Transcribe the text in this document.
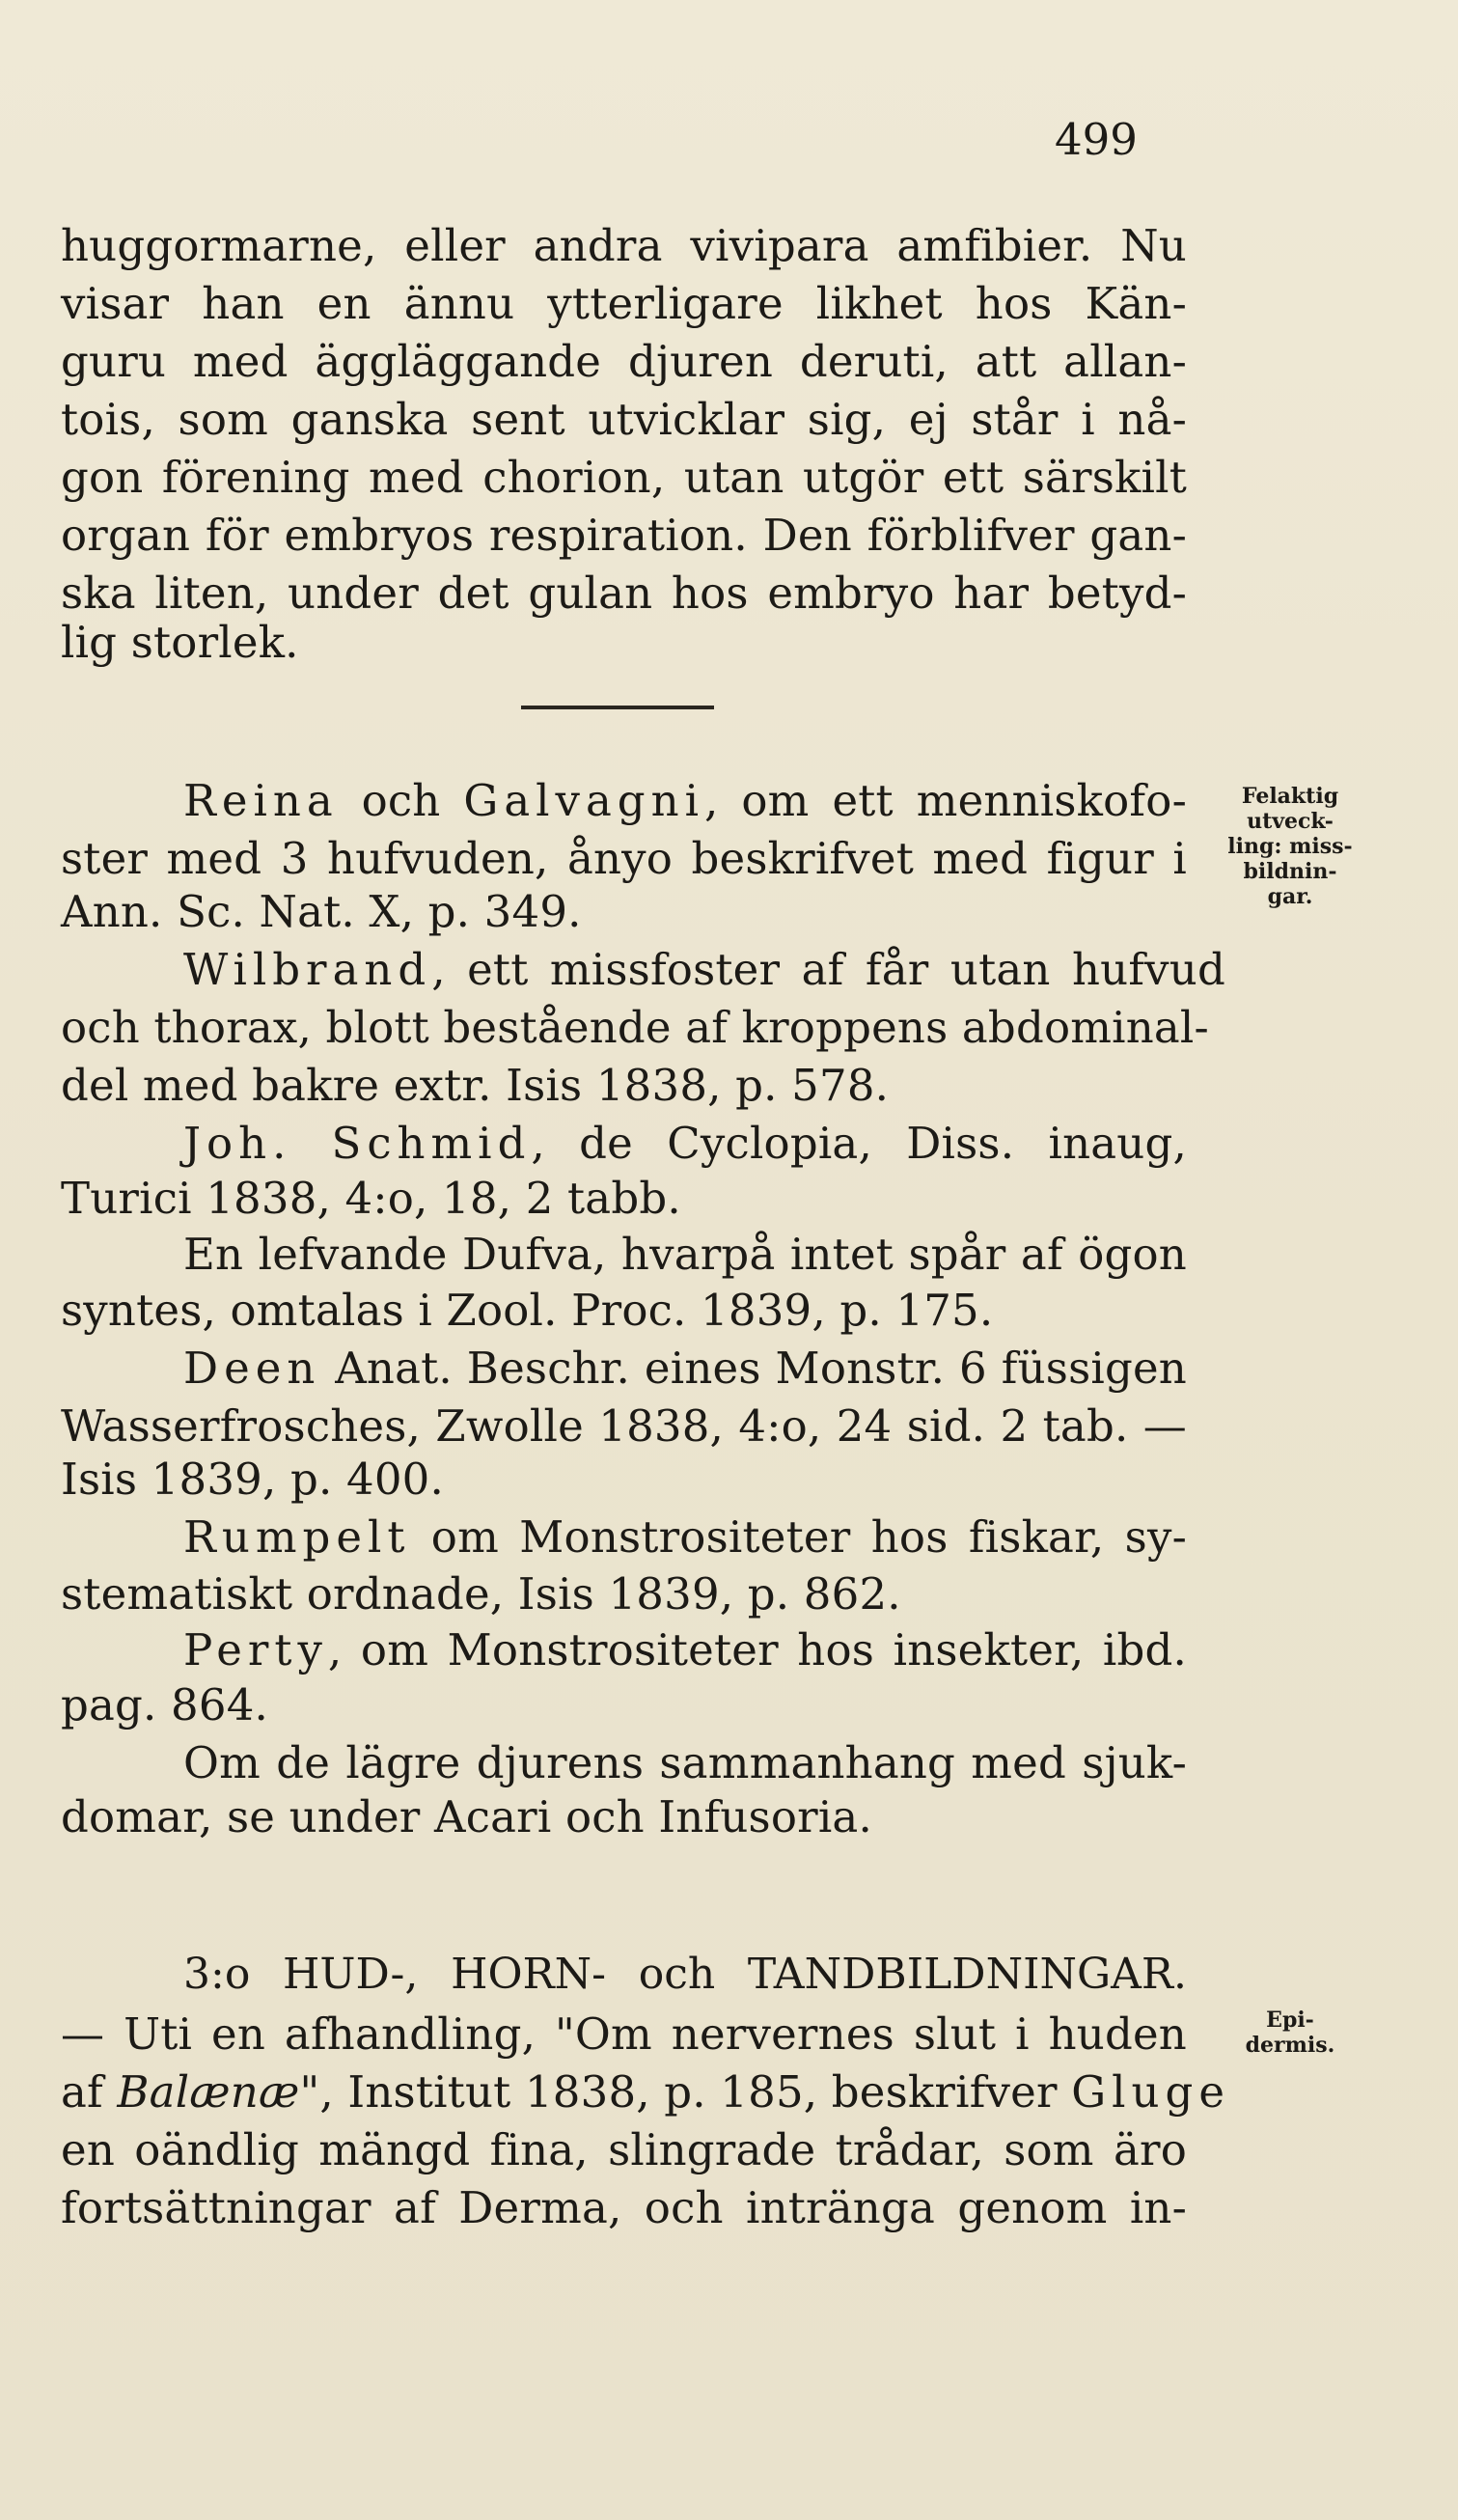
499
huggormarne, eller andra vivipara amfibier. Nu
visar han en ännu ytterligare likhet hos Kän-
guru med äggläggande djuren deruti, att allan-
tois, som ganska sent utvicklar sig, ej står i nå-
gon förening med chorion, utan utgör ett särskilt
organ för embryos respiration. Den förblifver gan-
ska liten, under det gulan hos embryo har betyd-
lig storlek.
Reina och Galvagni, om ett menniskofo-
ster med 3 hufvuden, ånyo beskrifvet med figur i
Ann. Sc. Nat. X, p. 349.
Wilbrand, ett missfoster af får utan hufvud
och thorax, blott bestående af kroppens abdominal-
del med bakre extr. Isis 1838, p. 578.
Joh. Schmid, de Cyclopia, Diss. inaug,
Turici 1838, 4:o, 18, 2 tabb.
En lefvande Dufva, hvarpå intet spår af ögon
syntes, omtalas i Zool. Proc. 1839, p. 175.
Deen Anat. Beschr. eines Monstr. 6 füssigen
Wasserfrosches, Zwolle 1838, 4:o, 24 sid. 2 tab. —
Isis 1839, p. 400.
Rumpelt om Monstrositeter hos fiskar, sy-
stematiskt ordnade, Isis 1839, p. 862.
Perty, om Monstrositeter hos insekter, ibd.
pag. 864.
Om de lägre djurens sammanhang med sjuk-
domar, se under Acari och Infusoria.
3:o HUD-, HORN- och TANDBILDNINGAR.
— Uti en afhandling, "Om nervernes slut i huden
af Balænæ", Institut 1838, p. 185, beskrifver Gluge
en oändlig mängd fina, slingrade trådar, som äro
fortsättningar af Derma, och inträngа genom in-
Felaktig
utveck-
ling: miss-
bildnin-
gar.
Epi-
dermis.
